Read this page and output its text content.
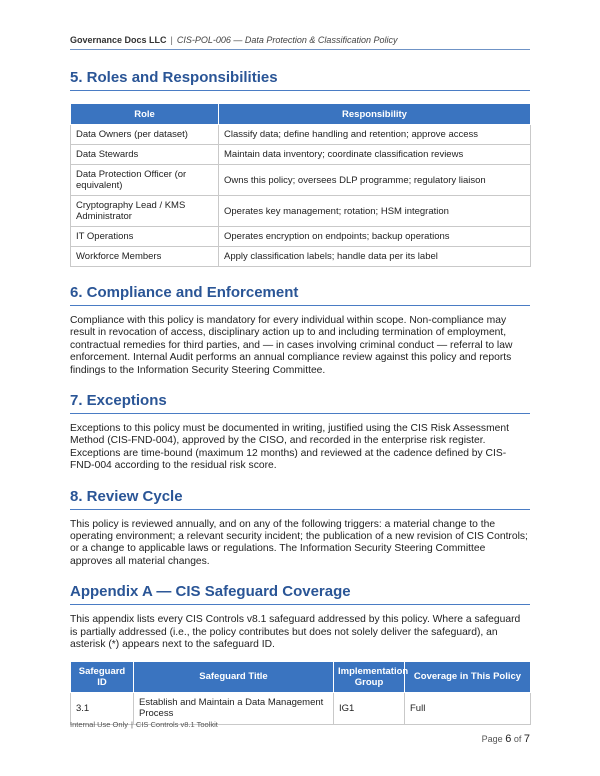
Governance Docs LLC | CIS-POL-006 — Data Protection & Classification Policy
5. Roles and Responsibilities
Role	Responsibility
Data Owners (per dataset)	Classify data; define handling and retention; approve access
Data Stewards	Maintain data inventory; coordinate classification reviews
Data Protection Officer (or equivalent)	Owns this policy; oversees DLP programme; regulatory liaison
Cryptography Lead / KMS Administrator	Operates key management; rotation; HSM integration
IT Operations	Operates encryption on endpoints; backup operations
Workforce Members	Apply classification labels; handle data per its label
6. Compliance and Enforcement

Compliance with this policy is mandatory for every individual within scope. Non-compliance may result in revocation of access, disciplinary action up to and including termination of employment, contractual remedies for third parties, and — in cases involving criminal conduct — referral to law enforcement. Internal Audit performs an annual compliance review against this policy and reports findings to the Information Security Steering Committee.

7. Exceptions

Exceptions to this policy must be documented in writing, justified using the CIS Risk Assessment Method (CIS-FND-004), approved by the CISO, and recorded in the enterprise risk register. Exceptions are time-bound (maximum 12 months) and reviewed at the cadence defined by CIS-FND-004 according to the residual risk score.

8. Review Cycle

This policy is reviewed annually, and on any of the following triggers: a material change to the operating environment; a relevant security incident; the publication of a new revision of CIS Controls; or a change to applicable laws or regulations. The Information Security Steering Committee approves all material changes.

Appendix A — CIS Safeguard Coverage

This appendix lists every CIS Controls v8.1 safeguard addressed by this policy. Where a safeguard is partially addressed (i.e., the policy contributes but does not solely deliver the safeguard), an asterisk (*) appears next to the safeguard ID.

Safeguard ID	Safeguard Title	Implementation Group	Coverage in This Policy
3.1	Establish and Maintain a Data Management Process	IG1	Full
Internal Use Only | CIS Controls v8.1 Toolkit
Page 6 of 7
